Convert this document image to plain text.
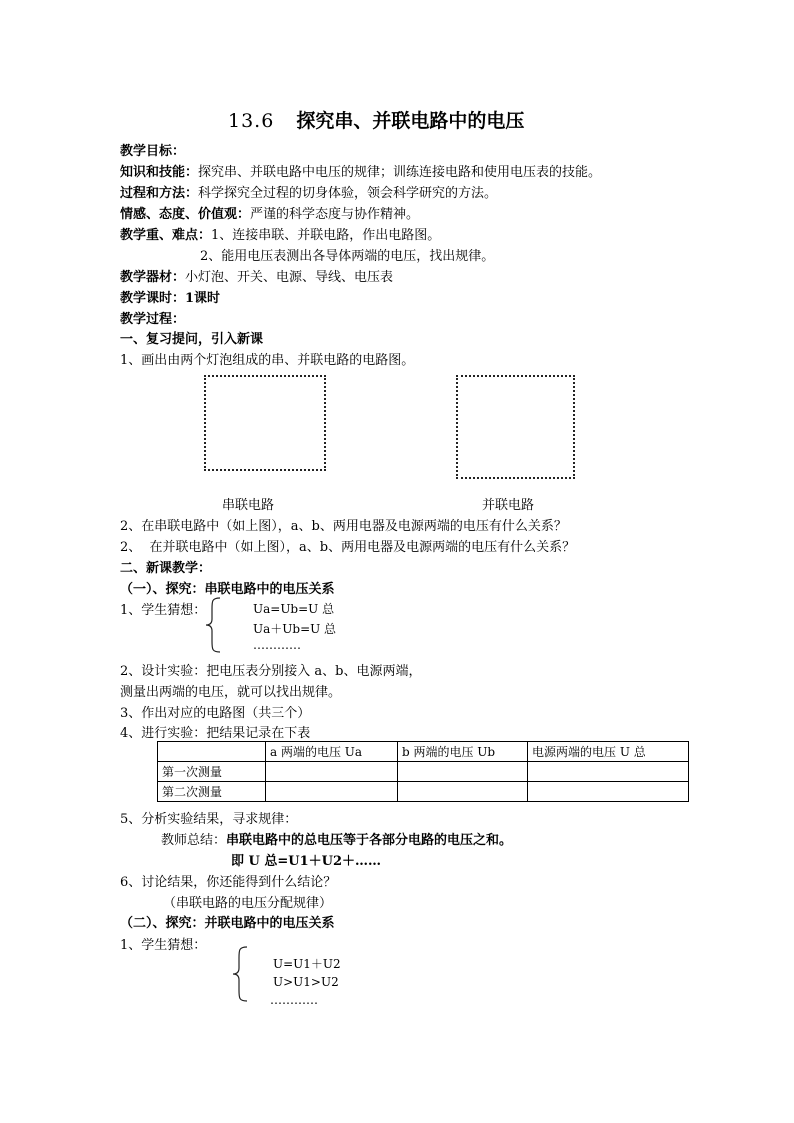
13.6 探究串、并联电路中的电压
教学目标：
知识和技能：探究串、并联电路中电压的规律；训练连接电路和使用电压表的技能。
过程和方法：科学探究全过程的切身体验，领会科学研究的方法。
情感、态度、价值观：严谨的科学态度与协作精神。
教学重、难点：1、连接串联、并联电路，作出电路图。
2、能用电压表测出各导体两端的电压，找出规律。
教学器材：小灯泡、开关、电源、导线、电压表
教学课时：1课时
教学过程：
一、复习提问，引入新课
1、画出由两个灯泡组成的串、并联电路的电路图。
串联电路	并联电路
2、在串联电路中（如上图），a、b、两用电器及电源两端的电压有什么关系？
2、  在并联电路中（如上图），a、b、两用电器及电源两端的电压有什么关系？
二、新课教学：
（一）、探究：串联电路中的电压关系
1、学生猜想：	Ua=Ub=U 总
Ua＋Ub=U 总
…………
2、设计实验：把电压表分别接入 a、b、电源两端，
测量出两端的电压，就可以找出规律。
3、作出对应的电路图（共三个）
4、进行实验：把结果记录在下表
	a 两端的电压 Ua	b 两端的电压 Ub	电源两端的电压 U 总
第一次测量			
第二次测量			
5、分析实验结果，寻求规律：
教师总结：串联电路中的总电压等于各部分电路的电压之和。
即 U 总=U1＋U2＋……
6、讨论结果，你还能得到什么结论？
（串联电路的电压分配规律）
（二）、探究：并联电路中的电压关系
1、学生猜想：
U=U1＋U2
U>U1>U2
…………
